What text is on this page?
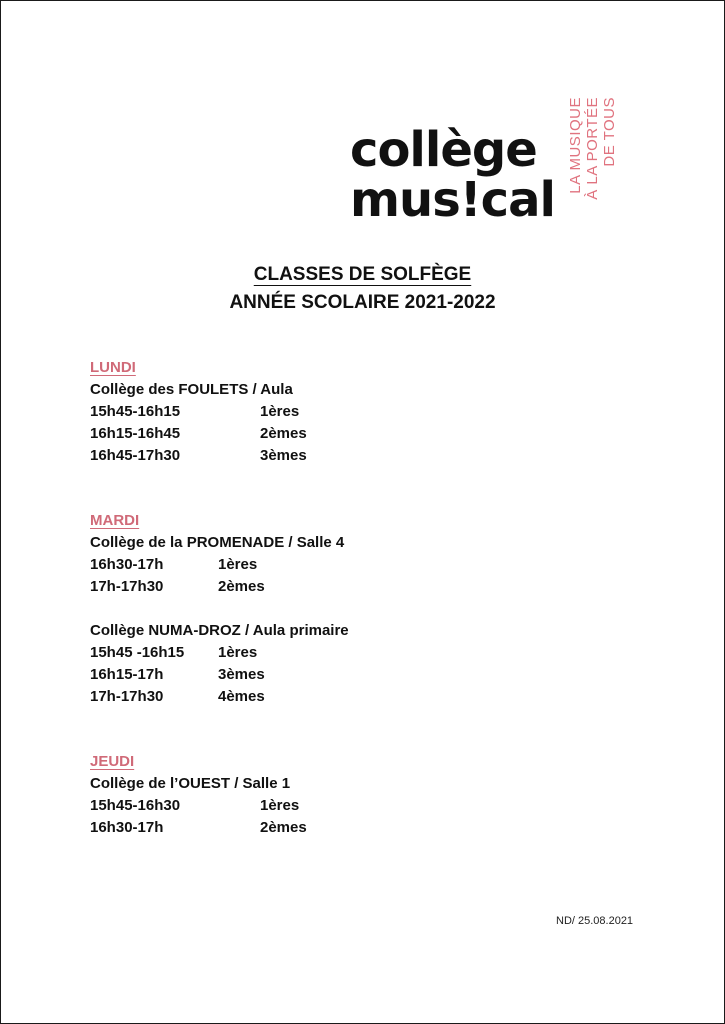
collège
mus!cal
LA MUSIQUE À LA PORTÉE DE TOUS
CLASSES DE SOLFÈGE
ANNÉE SCOLAIRE 2021-2022
LUNDI
Collège des FOULETS / Aula
15h45-16h15	1ères
16h15-16h45	2èmes
16h45-17h30	3èmes
MARDI
Collège de la PROMENADE / Salle 4
16h30-17h	1ères
17h-17h30	2èmes
Collège NUMA-DROZ / Aula primaire
15h45 -16h15	1ères
16h15-17h	3èmes
17h-17h30	4èmes
JEUDI
Collège de l’OUEST / Salle 1
15h45-16h30	1ères
16h30-17h	2èmes
ND/ 25.08.2021
